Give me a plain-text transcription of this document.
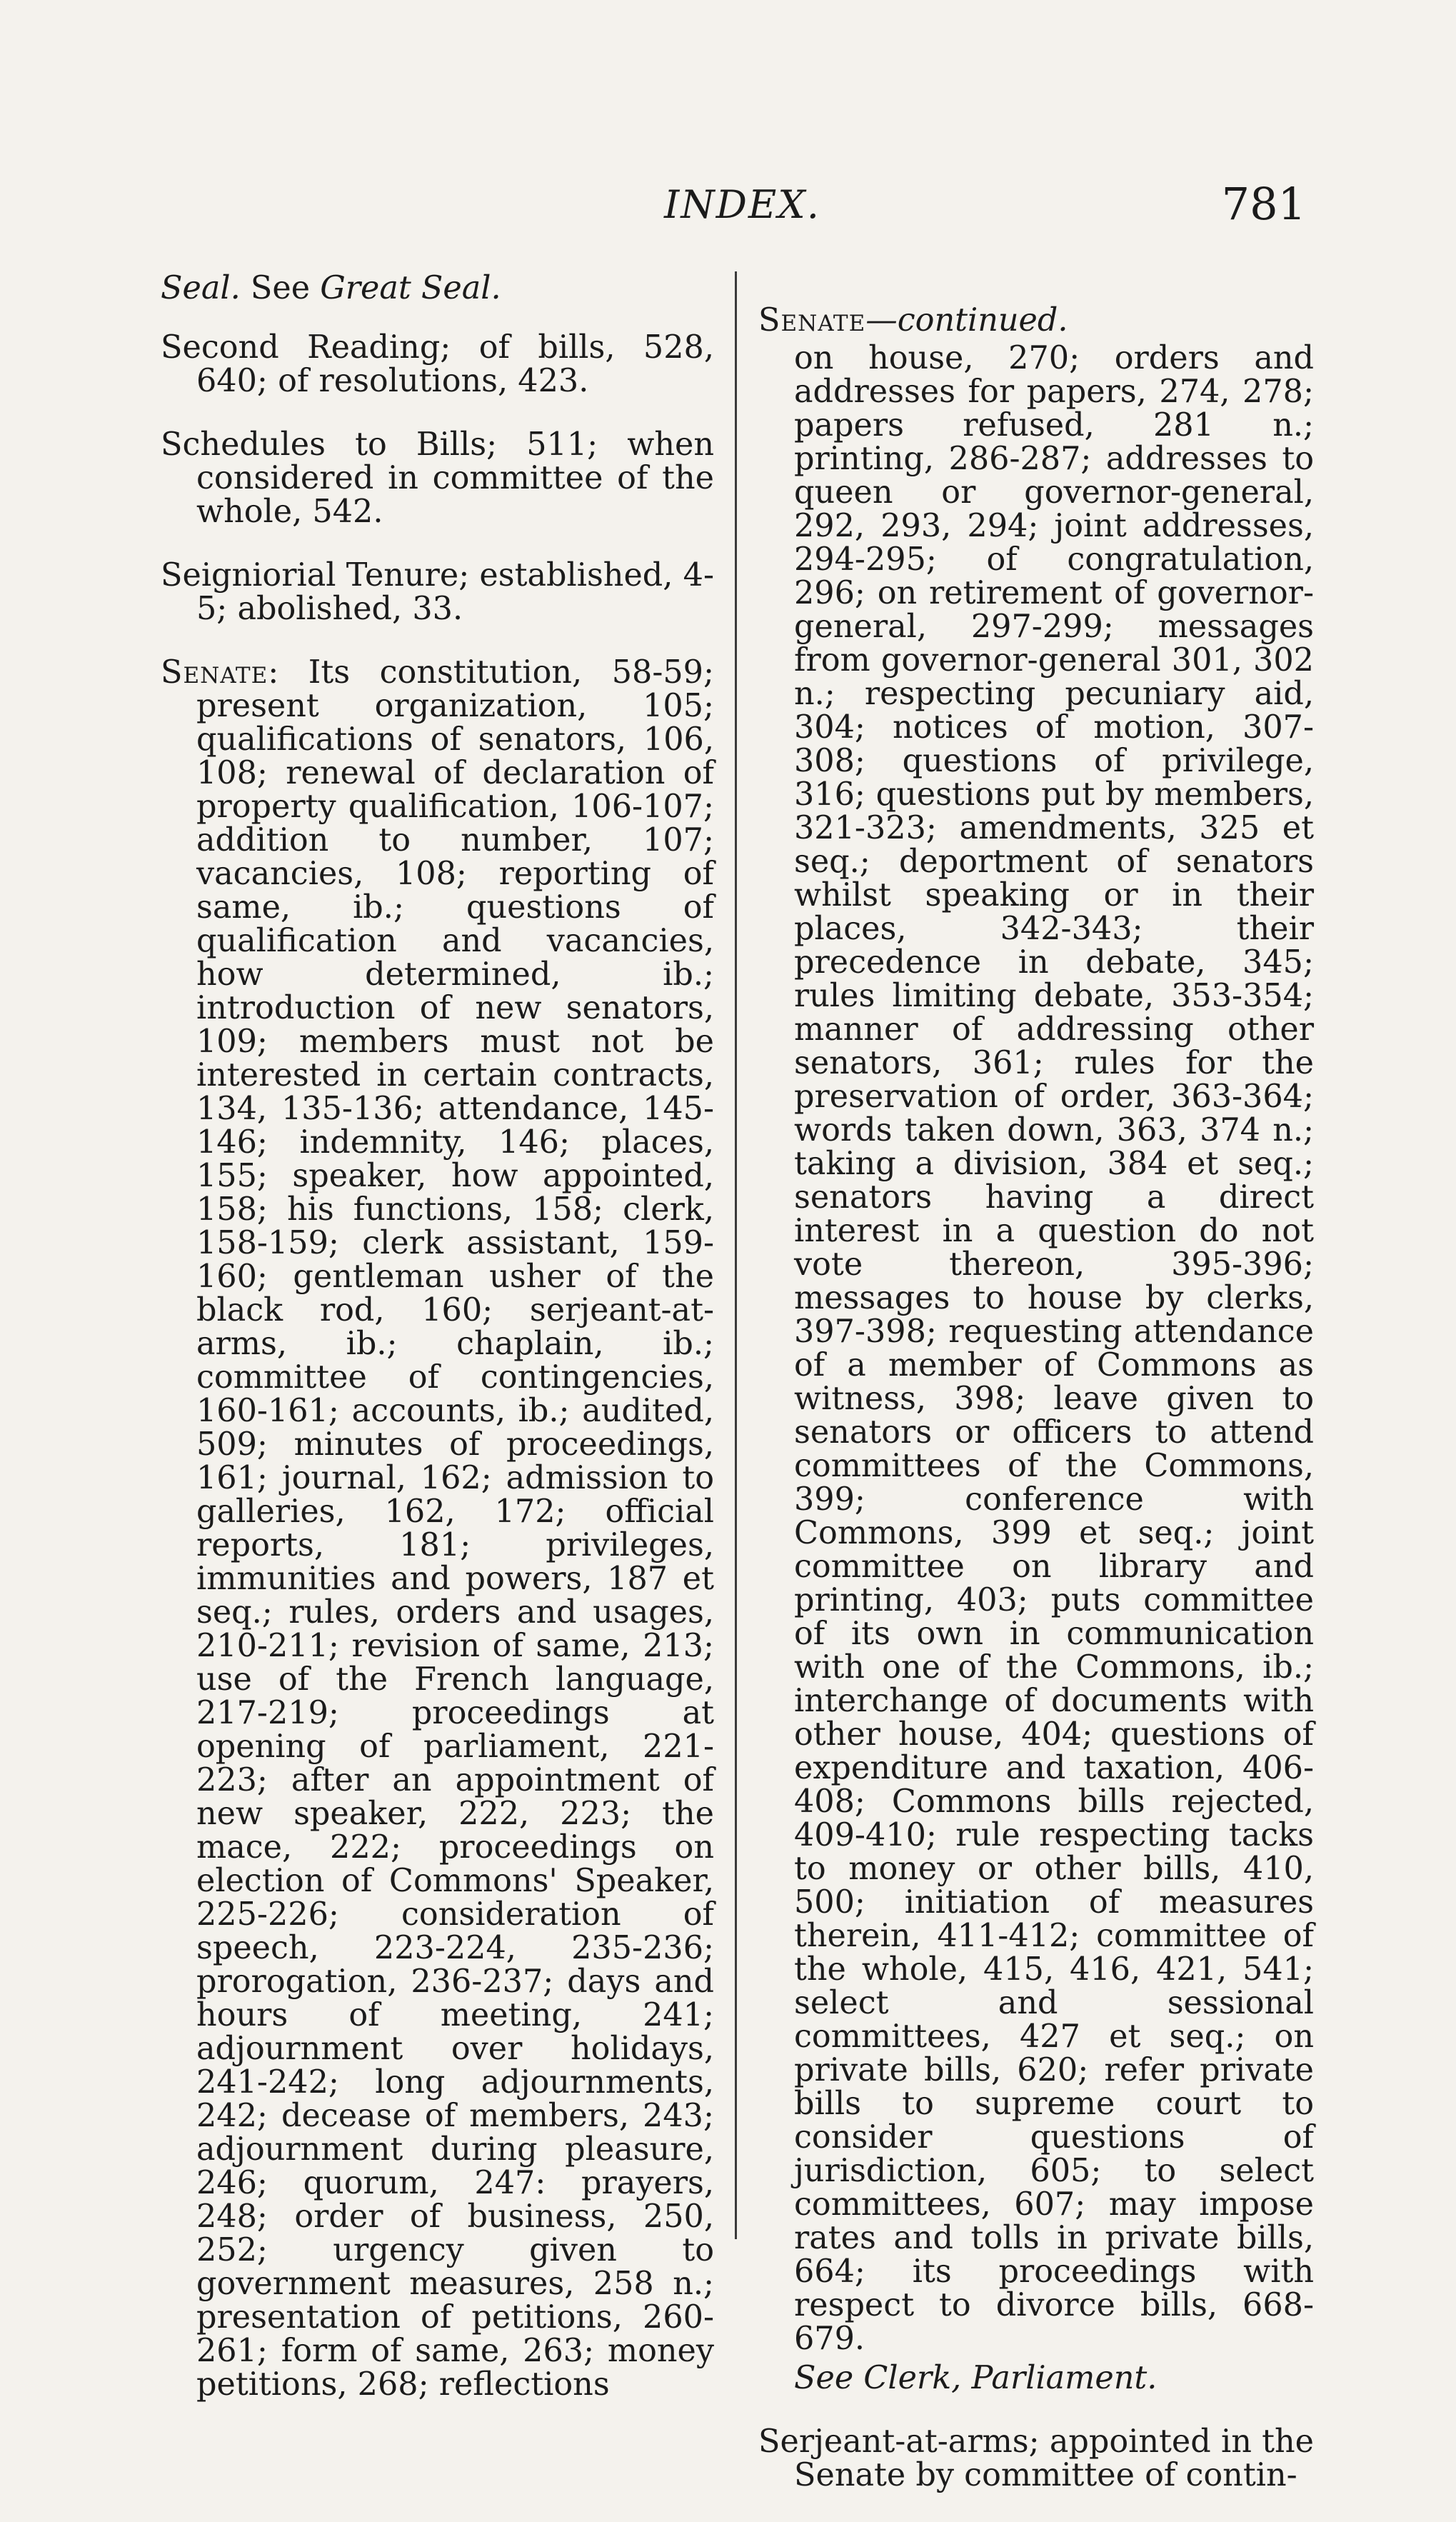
INDEX.	781

Seal. See Great Seal.

Second Reading; of bills, 528, 640; of resolutions, 423.

Schedules to Bills; 511; when considered in committee of the whole, 542.

Seigniorial Tenure; established, 4-5; abolished, 33.

Senate: Its constitution, 58-59; present organization, 105; qualifications of senators, 106, 108; renewal of declaration of property qualification, 106-107; addition to number, 107; vacancies, 108; reporting of same, ib.; questions of qualification and vacancies, how determined, ib.; introduction of new senators, 109; members must not be interested in certain contracts, 134, 135-136; attendance, 145-146; indemnity, 146; places, 155; speaker, how appointed, 158; his functions, 158; clerk, 158-159; clerk assistant, 159-160; gentleman usher of the black rod, 160; serjeant-at-arms, ib.; chaplain, ib.; committee of contingencies, 160-161; accounts, ib.; audited, 509; minutes of proceedings, 161; journal, 162; admission to galleries, 162, 172; official reports, 181; privileges, immunities and powers, 187 et seq.; rules, orders and usages, 210-211; revision of same, 213; use of the French language, 217-219; proceedings at opening of parliament, 221-223; after an appointment of new speaker, 222, 223; the mace, 222; proceedings on election of Commons' Speaker, 225-226; consideration of speech, 223-224, 235-236; prorogation, 236-237; days and hours of meeting, 241; adjournment over holidays, 241-242; long adjournments, 242; decease of members, 243; adjournment during pleasure, 246; quorum, 247: prayers, 248; order of business, 250, 252; urgency given to government measures, 258 n.; presentation of petitions, 260-261; form of same, 263; money petitions, 268; reflections

Senate—continued.

on house, 270; orders and addresses for papers, 274, 278; papers refused, 281 n.; printing, 286-287; addresses to queen or governor-general, 292, 293, 294; joint addresses, 294-295; of congratulation, 296; on retirement of governor-general, 297-299; messages from governor-general 301, 302 n.; respecting pecuniary aid, 304; notices of motion, 307-308; questions of privilege, 316; questions put by members, 321-323; amendments, 325 et seq.; deportment of senators whilst speaking or in their places, 342-343; their precedence in debate, 345; rules limiting debate, 353-354; manner of addressing other senators, 361; rules for the preservation of order, 363-364; words taken down, 363, 374 n.; taking a division, 384 et seq.; senators having a direct interest in a question do not vote thereon, 395-396; messages to house by clerks, 397-398; requesting attendance of a member of Commons as witness, 398; leave given to senators or officers to attend committees of the Commons, 399; conference with Commons, 399 et seq.; joint committee on library and printing, 403; puts committee of its own in communication with one of the Commons, ib.; interchange of documents with other house, 404; questions of expenditure and taxation, 406-408; Commons bills rejected, 409-410; rule respecting tacks to money or other bills, 410, 500; initiation of measures therein, 411-412; committee of the whole, 415, 416, 421, 541; select and sessional committees, 427 et seq.; on private bills, 620; refer private bills to supreme court to consider questions of jurisdiction, 605; to select committees, 607; may impose rates and tolls in private bills, 664; its proceedings with respect to divorce bills, 668-679.

See Clerk, Parliament.

Serjeant-at-arms; appointed in the Senate by committee of contin-
